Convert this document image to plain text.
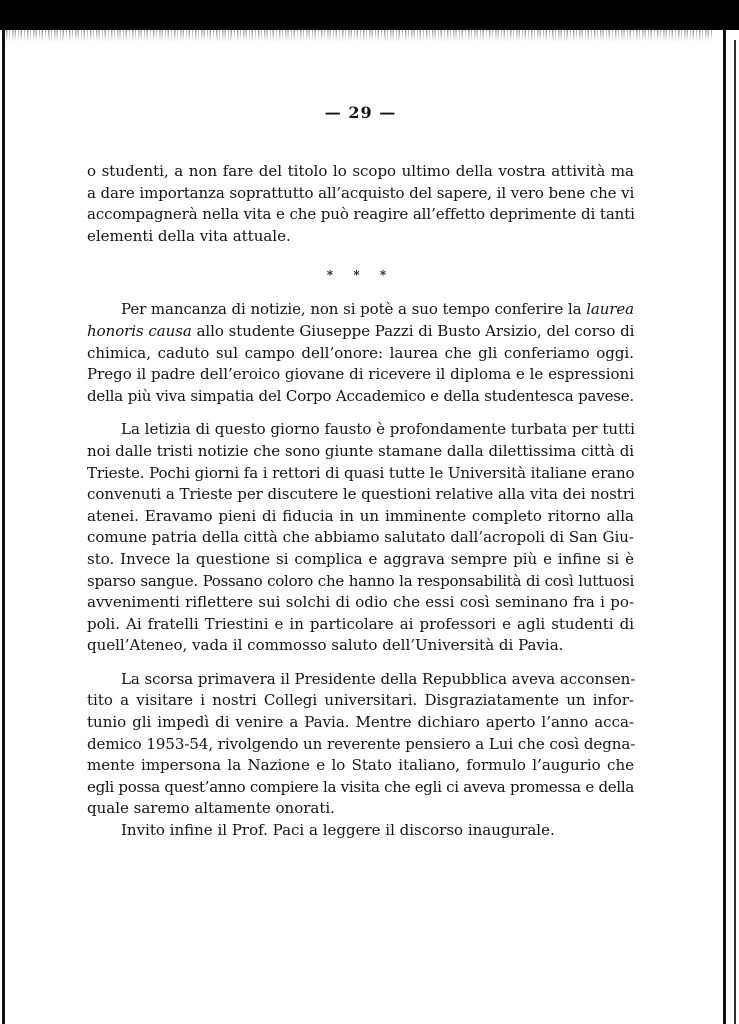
— 29 —
o studenti, a non fare del titolo lo scopo ultimo della vostra attività ma
a dare importanza soprattutto all’acquisto del sapere, il vero bene che vi
accompagnerà nella vita e che può reagire all’effetto deprimente di tanti
elementi della vita attuale.
* * *
Per mancanza di notizie, non si potè a suo tempo conferire la laurea
honoris causa allo studente Giuseppe Pazzi di Busto Arsizio, del corso di
chimica, caduto sul campo dell’onore: laurea che gli conferiamo oggi.
Prego il padre dell’eroico giovane di ricevere il diploma e le espressioni
della più viva simpatia del Corpo Accademico e della studentesca pavese.
La letizia di questo giorno fausto è profondamente turbata per tutti
noi dalle tristi notizie che sono giunte stamane dalla dilettissima città di
Trieste. Pochi giorni fa i rettori di quasi tutte le Università italiane erano
convenuti a Trieste per discutere le questioni relative alla vita dei nostri
atenei. Eravamo pieni di fiducia in un imminente completo ritorno alla
comune patria della città che abbiamo salutato dall’acropoli di San Giu-
sto. Invece la questione si complica e aggrava sempre più e infine si è
sparso sangue. Possano coloro che hanno la responsabilità di così luttuosi
avvenimenti riflettere sui solchi di odio che essi così seminano fra i po-
poli. Ai fratelli Triestini e in particolare ai professori e agli studenti di
quell’Ateneo, vada il commosso saluto dell’Università di Pavia.
La scorsa primavera il Presidente della Repubblica aveva acconsen-
tito a visitare i nostri Collegi universitari. Disgraziatamente un infor-
tunio gli impedì di venire a Pavia. Mentre dichiaro aperto l’anno acca-
demico 1953-54, rivolgendo un reverente pensiero a Lui che così degna-
mente impersona la Nazione e lo Stato italiano, formulo l’augurio che
egli possa quest’anno compiere la visita che egli ci aveva promessa e della
quale saremo altamente onorati.
Invito infine il Prof. Paci a leggere il discorso inaugurale.
